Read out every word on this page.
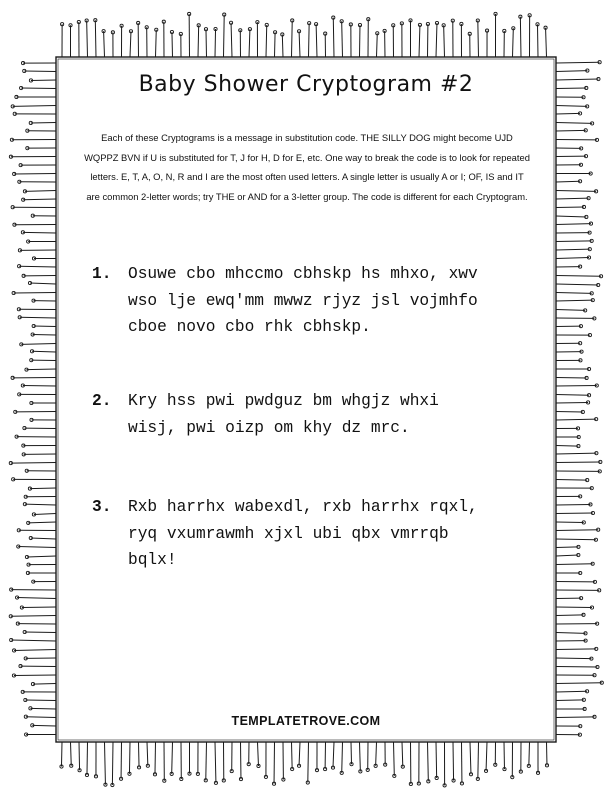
Baby Shower Cryptogram #2
Each of these Cryptograms is a message in substitution code. THE SILLY DOG might become UJD WQPPZ BVN if U is substituted for T, J for H, D for E, etc. One way to break the code is to look for repeated letters. E, T, A, O, N, R and I are the most often used letters. A single letter is usually A or I; OF, IS and IT are common 2-letter words; try THE or AND for a 3-letter group. The code is different for each Cryptogram.
1. Osuwe cbo mhccmo cbhskp hs mhxo, xwv
wso lje ewq'mm mwwz rjyz jsl vojmhfo
cboe novo cbo rhk cbhskp.
2. Kry hss pwi pwdguz bm whgjz whxi
wisj, pwi oizp om khy dz mrc.
3. Rxb harrhx wabexdl, rxb harrhx rqxl,
ryq vxumrawmh xjxl ubi qbx vmrrqb
bqlx!
TEMPLATETROVE.COM
